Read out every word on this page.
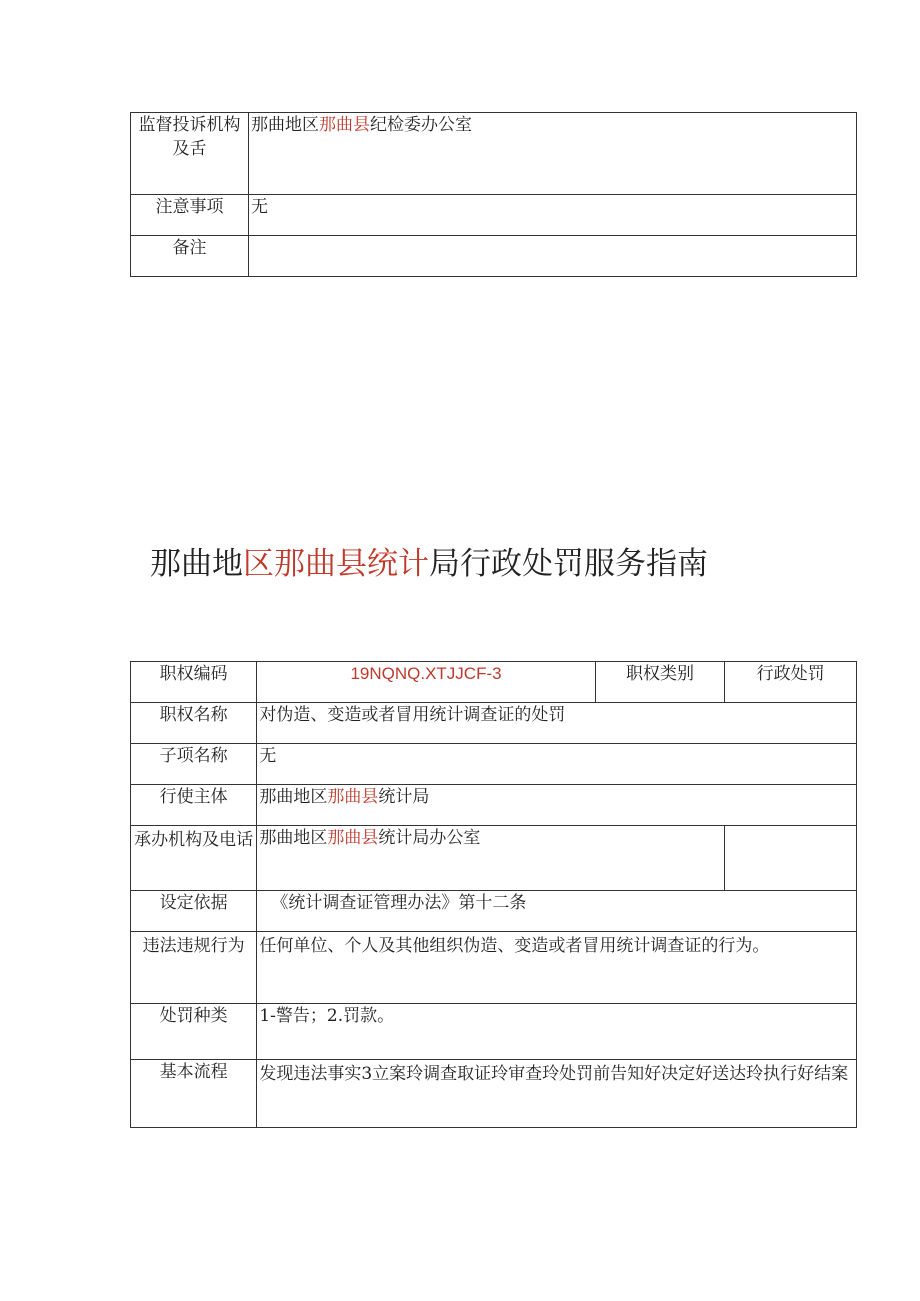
监督投诉机构及舌	那曲地区那曲县纪检委办公室
注意事项	无
备注	
那曲地区那曲县统计局行政处罚服务指南
职权编码	19NQNQ.XTJJCF-3	职权类别	行政处罚
职权名称	对伪造、变造或者冒用统计调查证的处罚		
子项名称	无		
行使主体	那曲地区那曲县统计局		
承办机构及电话	那曲地区那曲县统计局办公室		
设定依据	《统计调查证管理办法》第十二条		
违法违规行为	任何单位、个人及其他组织伪造、变造或者冒用统计调查证的行为。		
处罚种类	1-警告；2.罚款。		
基本流程	发现违法事实3立案玲调查取证玲审查玲处罚前告知好决定好送达玲执行好结案		
